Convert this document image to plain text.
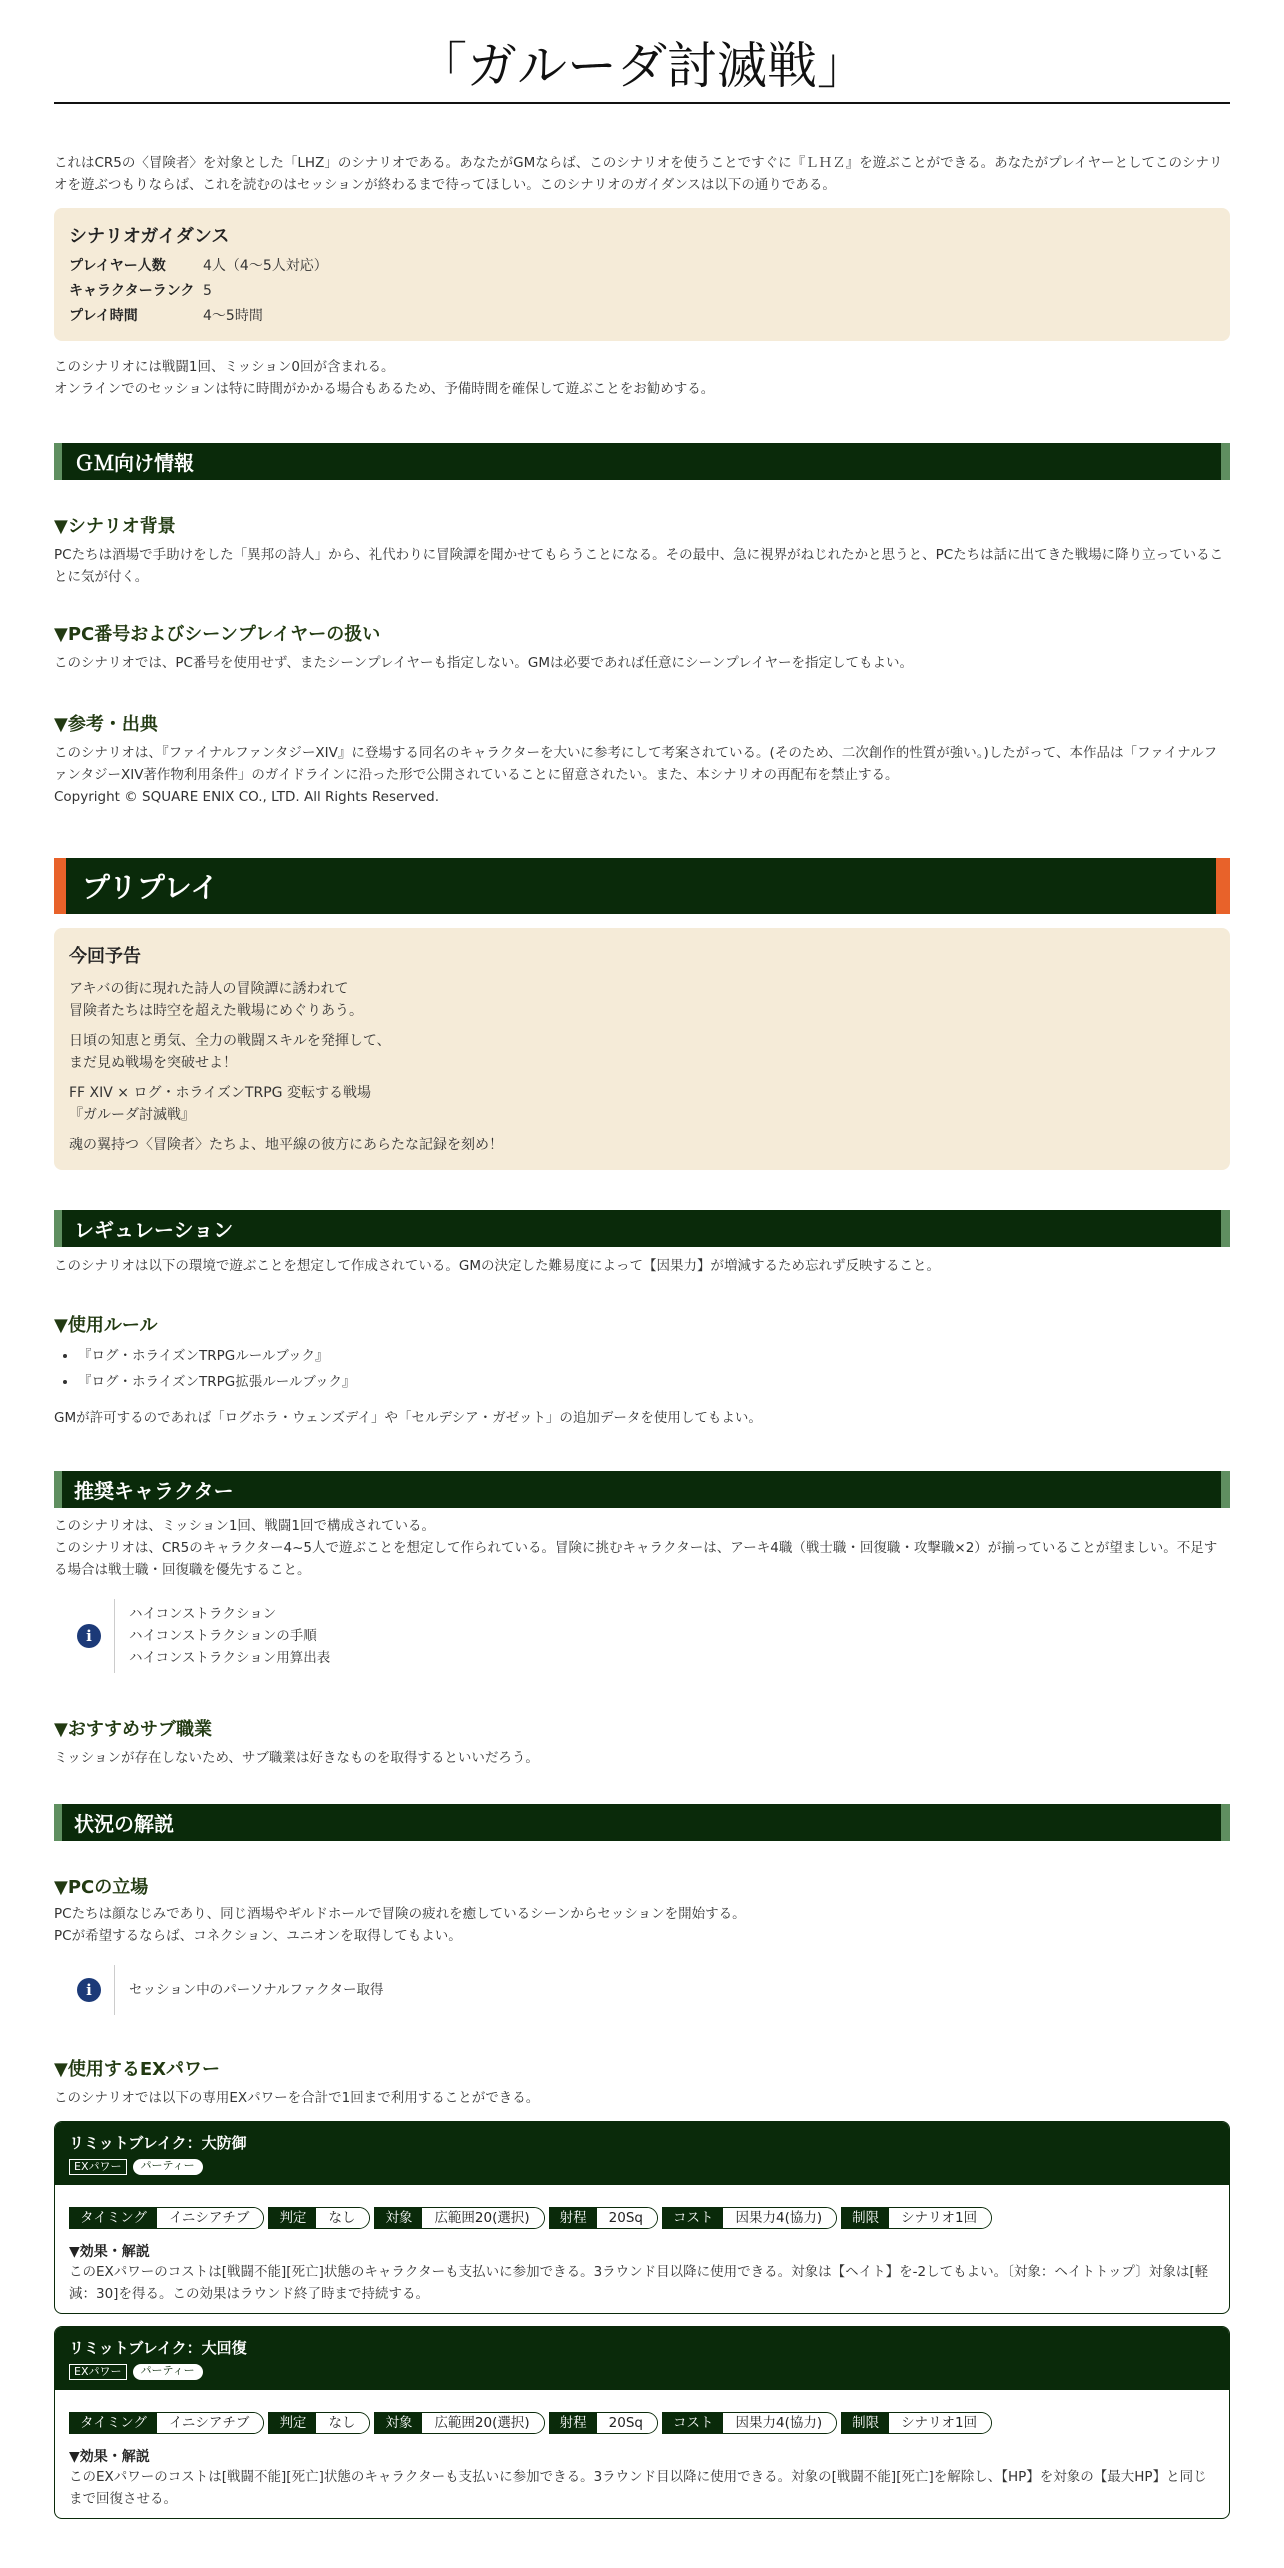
「ガルーダ討滅戦」

これはCR5の〈冒険者〉を対象とした「LHZ」のシナリオである。あなたがGMならば、このシナリオを使うことですぐに『ＬＨＺ』を遊ぶことができる。あなたがプレイヤーとしてこのシナリオを遊ぶつもりならば、これを読むのはセッションが終わるまで待ってほしい。このシナリオのガイダンスは以下の通りである。

シナリオガイダンス
プレイヤー人数	4人（4～5人対応）
キャラクターランク 5
プレイ時間	4～5時間

このシナリオには戦闘1回、ミッション0回が含まれる。

オンラインでのセッションは特に時間がかかる場合もあるため、予備時間を確保して遊ぶことをお勧めする。

ＧＭ向け情報
▼シナリオ背景

PCたちは酒場で手助けをした「異邦の詩人」から、礼代わりに冒険譚を聞かせてもらうことになる。その最中、急に視界がねじれたかと思うと、PCたちは話に出てきた戦場に降り立っていることに気が付く。

▼PC番号およびシーンプレイヤーの扱い

このシナリオでは、PC番号を使用せず、またシーンプレイヤーも指定しない。GMは必要であれば任意にシーンプレイヤーを指定してもよい。

▼参考・出典

このシナリオは、『ファイナルファンタジーXIV』に登場する同名のキャラクターを大いに参考にして考案されている。(そのため、二次創作的性質が強い。)したがって、本作品は「ファイナルファンタジーXIV著作物利用条件」のガイドラインに沿った形で公開されていることに留意されたい。また、本シナリオの再配布を禁止する。

Copyright © SQUARE ENIX CO., LTD. All Rights Reserved.

プリプレイ
今回予告

アキバの街に現れた詩人の冒険譚に誘われて
冒険者たちは時空を超えた戦場にめぐりあう。

日頃の知恵と勇気、全力の戦闘スキルを発揮して、
まだ見ぬ戦場を突破せよ！

FF XIV × ログ・ホライズンTRPG 変転する戦場
『ガルーダ討滅戦』

魂の翼持つ〈冒険者〉たちよ、地平線の彼方にあらたな記録を刻め！

レギュレーション

このシナリオは以下の環境で遊ぶことを想定して作成されている。GMの決定した難易度によって【因果力】が増減するため忘れず反映すること。

▼使用ルール
• 『ログ・ホライズンTRPGルールブック』
• 『ログ・ホライズンTRPG拡張ルールブック』

GMが許可するのであれば「ログホラ・ウェンズデイ」や「セルデシア・ガゼット」の追加データを使用してもよい。

推奨キャラクター

このシナリオは、ミッション1回、戦闘1回で構成されている。

このシナリオは、CR5のキャラクター4~5人で遊ぶことを想定して作られている。冒険に挑むキャラクターは、アーキ4職（戦士職・回復職・攻撃職×2）が揃っていることが望ましい。不足する場合は戦士職・回復職を優先すること。

i
ハイコンストラクション
ハイコンストラクションの手順
ハイコンストラクション用算出表
▼おすすめサブ職業

ミッションが存在しないため、サブ職業は好きなものを取得するといいだろう。

状況の解説
▼PCの立場

PCたちは顔なじみであり、同じ酒場やギルドホールで冒険の疲れを癒しているシーンからセッションを開始する。

PCが希望するならば、コネクション、ユニオンを取得してもよい。

i	セッション中のパーソナルファクター取得
▼使用するEXパワー

このシナリオでは以下の専用EXパワーを合計で1回まで利用することができる。

リミットブレイク：大防御
EXパワー	パーティー
タイミング	イニシアチブ	判定	なし	対象	広範囲20(選択)	射程	20Sq	コスト	因果力4(協力)	制限	シナリオ1回
▼効果・解説
このEXパワーのコストは[戦闘不能][死亡]状態のキャラクターも支払いに参加できる。3ラウンド目以降に使用できる。対象は【ヘイト】を-2してもよい。〔対象：ヘイトトップ〕対象は[軽減：30]を得る。この効果はラウンド終了時まで持続する。
リミットブレイク：大回復
EXパワー	パーティー
タイミング	イニシアチブ	判定	なし	対象	広範囲20(選択)	射程	20Sq	コスト	因果力4(協力)	制限	シナリオ1回
▼効果・解説
このEXパワーのコストは[戦闘不能][死亡]状態のキャラクターも支払いに参加できる。3ラウンド目以降に使用できる。対象の[戦闘不能][死亡]を解除し、【HP】を対象の【最大HP】と同じまで回復させる。
